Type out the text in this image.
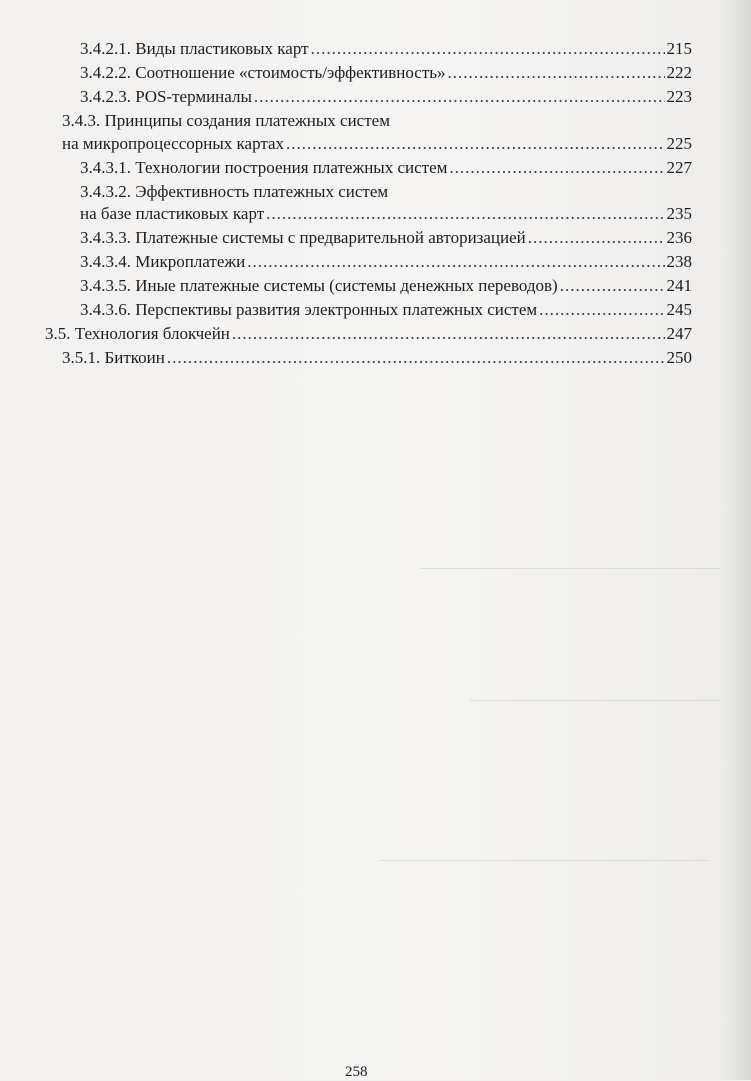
3.4.2.1. Виды пластиковых карт .....	215
3.4.2.2. Соотношение «стоимость/эффективность» .....	222
3.4.2.3. POS-терминалы .....	223
3.4.3. Принципы создания платежных систем
на микропроцессорных картах .....	225
3.4.3.1. Технологии построения платежных систем .....	227
3.4.3.2. Эффективность платежных систем
на базе пластиковых карт .....	235
3.4.3.3. Платежные системы с предварительной авторизацией .....	236
3.4.3.4. Микроплатежи .....	238
3.4.3.5. Иные платежные системы (системы денежных переводов) .....	241
3.4.3.6. Перспективы развития электронных платежных систем .....	245
3.5. Технология блокчейн .....	247
3.5.1. Биткоин .....	250
258
